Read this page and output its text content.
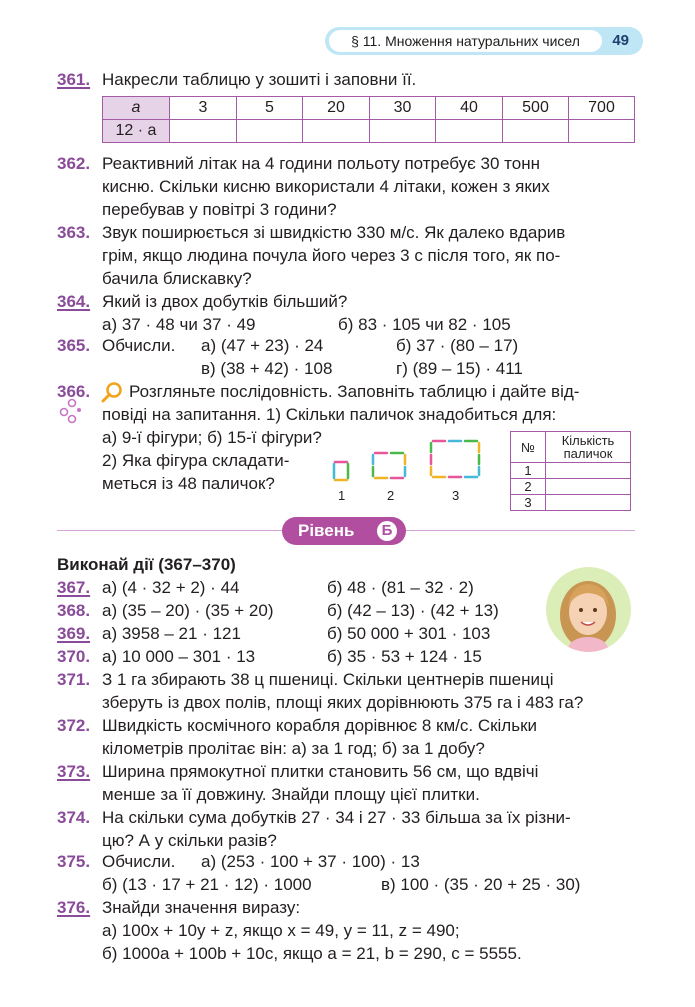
§ 11. Множення натуральних чисел	49
361. Накресли таблицю у зошиті і заповни її.
a	3	5	20	30	40	500	700
12 · a							
362. Реактивний літак на 4 години польоту потребує 30 тонн
кисню. Скільки кисню використали 4 літаки, кожен з яких
перебував у повітрі 3 години?
363. Звук поширюється зі швидкістю 330 м/с. Як далеко вдарив
грім, якщо людина почула його через 3 с після того, як по-
бачила блискавку?
364. Який із двох добутків більший?
а) 37 · 48 чи 37 · 49	б) 83 · 105 чи 82 · 105
365. Обчисли. а) (47 + 23) · 24	б) 37 · (80 – 17)
в) (38 + 42) · 108	г) (89 – 15) · 411
366. Розгляньте послідовність. Заповніть таблицю і дайте від-
повіді на запитання. 1) Скільки паличок знадобиться для:
а) 9-ї фігури; б) 15-ї фігури?
2) Яка фігура складати-
меться із 48 паличок?
1	2	3
№	Кількість
паличок

1	
2	
3	
Рівень	Б
Виконай дії (367–370)
367. а) (4 · 32 + 2) · 44	б) 48 · (81 – 32 · 2)
368. а) (35 – 20) · (35 + 20)	б) (42 – 13) · (42 + 13)
369. а) 3958 – 21 · 121	б) 50 000 + 301 · 103
370. а) 10 000 – 301 · 13	б) 35 · 53 + 124 · 15
371. З 1 га збирають 38 ц пшениці. Скільки центнерів пшениці
зберуть із двох полів, площі яких дорівнюють 375 га і 483 га?
372. Швидкість космічного корабля дорівнює 8 км/с. Скільки
кілометрів пролітає він: а) за 1 год; б) за 1 добу?
373. Ширина прямокутної плитки становить 56 см, що вдвічі
менше за її довжину. Знайди площу цієї плитки.
374. На скільки сума добутків 27 · 34 і 27 · 33 більша за їх різни-
цю? А у скільки разів?
375. Обчисли. а) (253 · 100 + 37 · 100) · 13
б) (13 · 17 + 21 · 12) · 1000	в) 100 · (35 · 20 + 25 · 30)
376. Знайди значення виразу:
а) 100x + 10y + z, якщо x = 49, y = 11, z = 490;
б) 1000a + 100b + 10c, якщо a = 21, b = 290, c = 5555.
